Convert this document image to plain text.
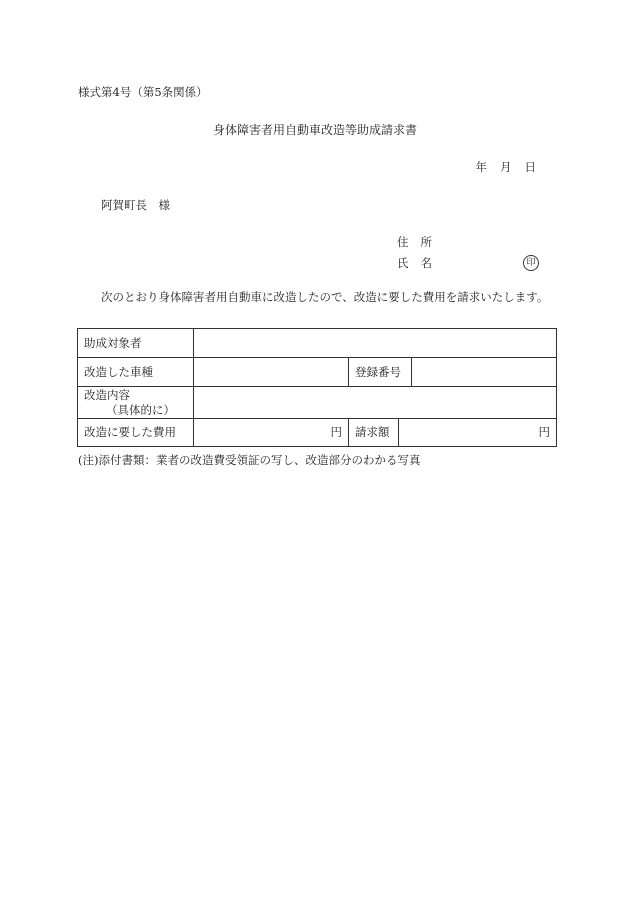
様式第4号（第5条関係）
身体障害者用自動車改造等助成請求書
年 月 日
阿賀町長　様
住 所
氏 名	印
次のとおり身体障害者用自動車に改造したので、改造に要した費用を請求いたします。
助成対象者				
改造した車種		登録番号		

改造内容
（具体的に）				

改造に要した費用	円	請求額	円	
(注)添付書類：業者の改造費受領証の写し、改造部分のわかる写真
